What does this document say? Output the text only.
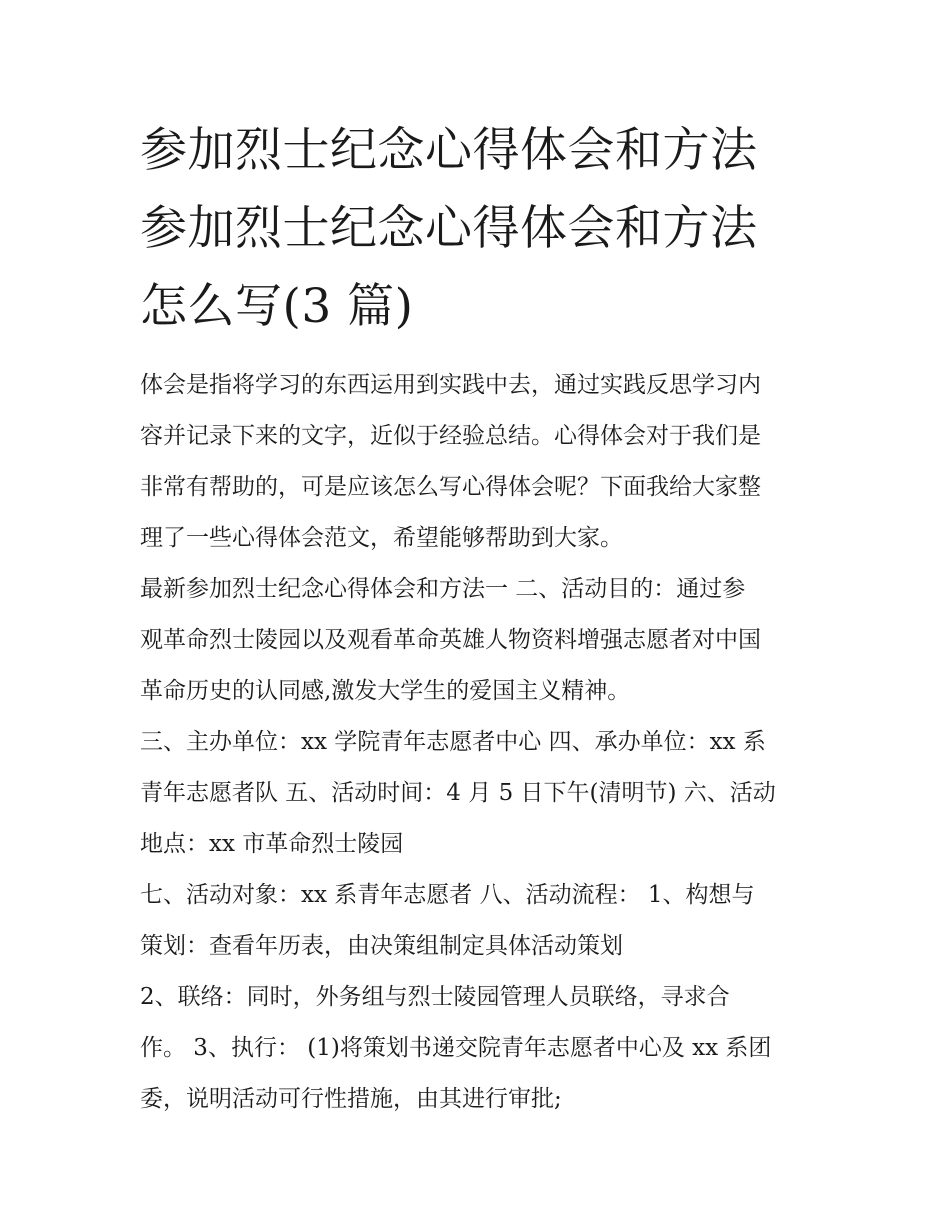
参加烈士纪念心得体会和方法
参加烈士纪念心得体会和方法
怎么写(3 篇)

体会是指将学习的东西运用到实践中去，通过实践反思学习内
容并记录下来的文字，近似于经验总结。心得体会对于我们是
非常有帮助的，可是应该怎么写心得体会呢？下面我给大家整
理了一些心得体会范文，希望能够帮助到大家。

最新参加烈士纪念心得体会和方法一 二、活动目的：通过参
观革命烈士陵园以及观看革命英雄人物资料增强志愿者对中国
革命历史的认同感,激发大学生的爱国主义精神。

三、主办单位：xx 学院青年志愿者中心 四、承办单位：xx 系
青年志愿者队 五、活动时间：4 月 5 日下午(清明节) 六、活动
地点：xx 市革命烈士陵园

七、活动对象：xx 系青年志愿者 八、活动流程： 1、构想与
策划：查看年历表，由决策组制定具体活动策划

2、联络：同时，外务组与烈士陵园管理人员联络，寻求合
作。 3、执行： (1)将策划书递交院青年志愿者中心及 xx 系团
委，说明活动可行性措施，由其进行审批;
